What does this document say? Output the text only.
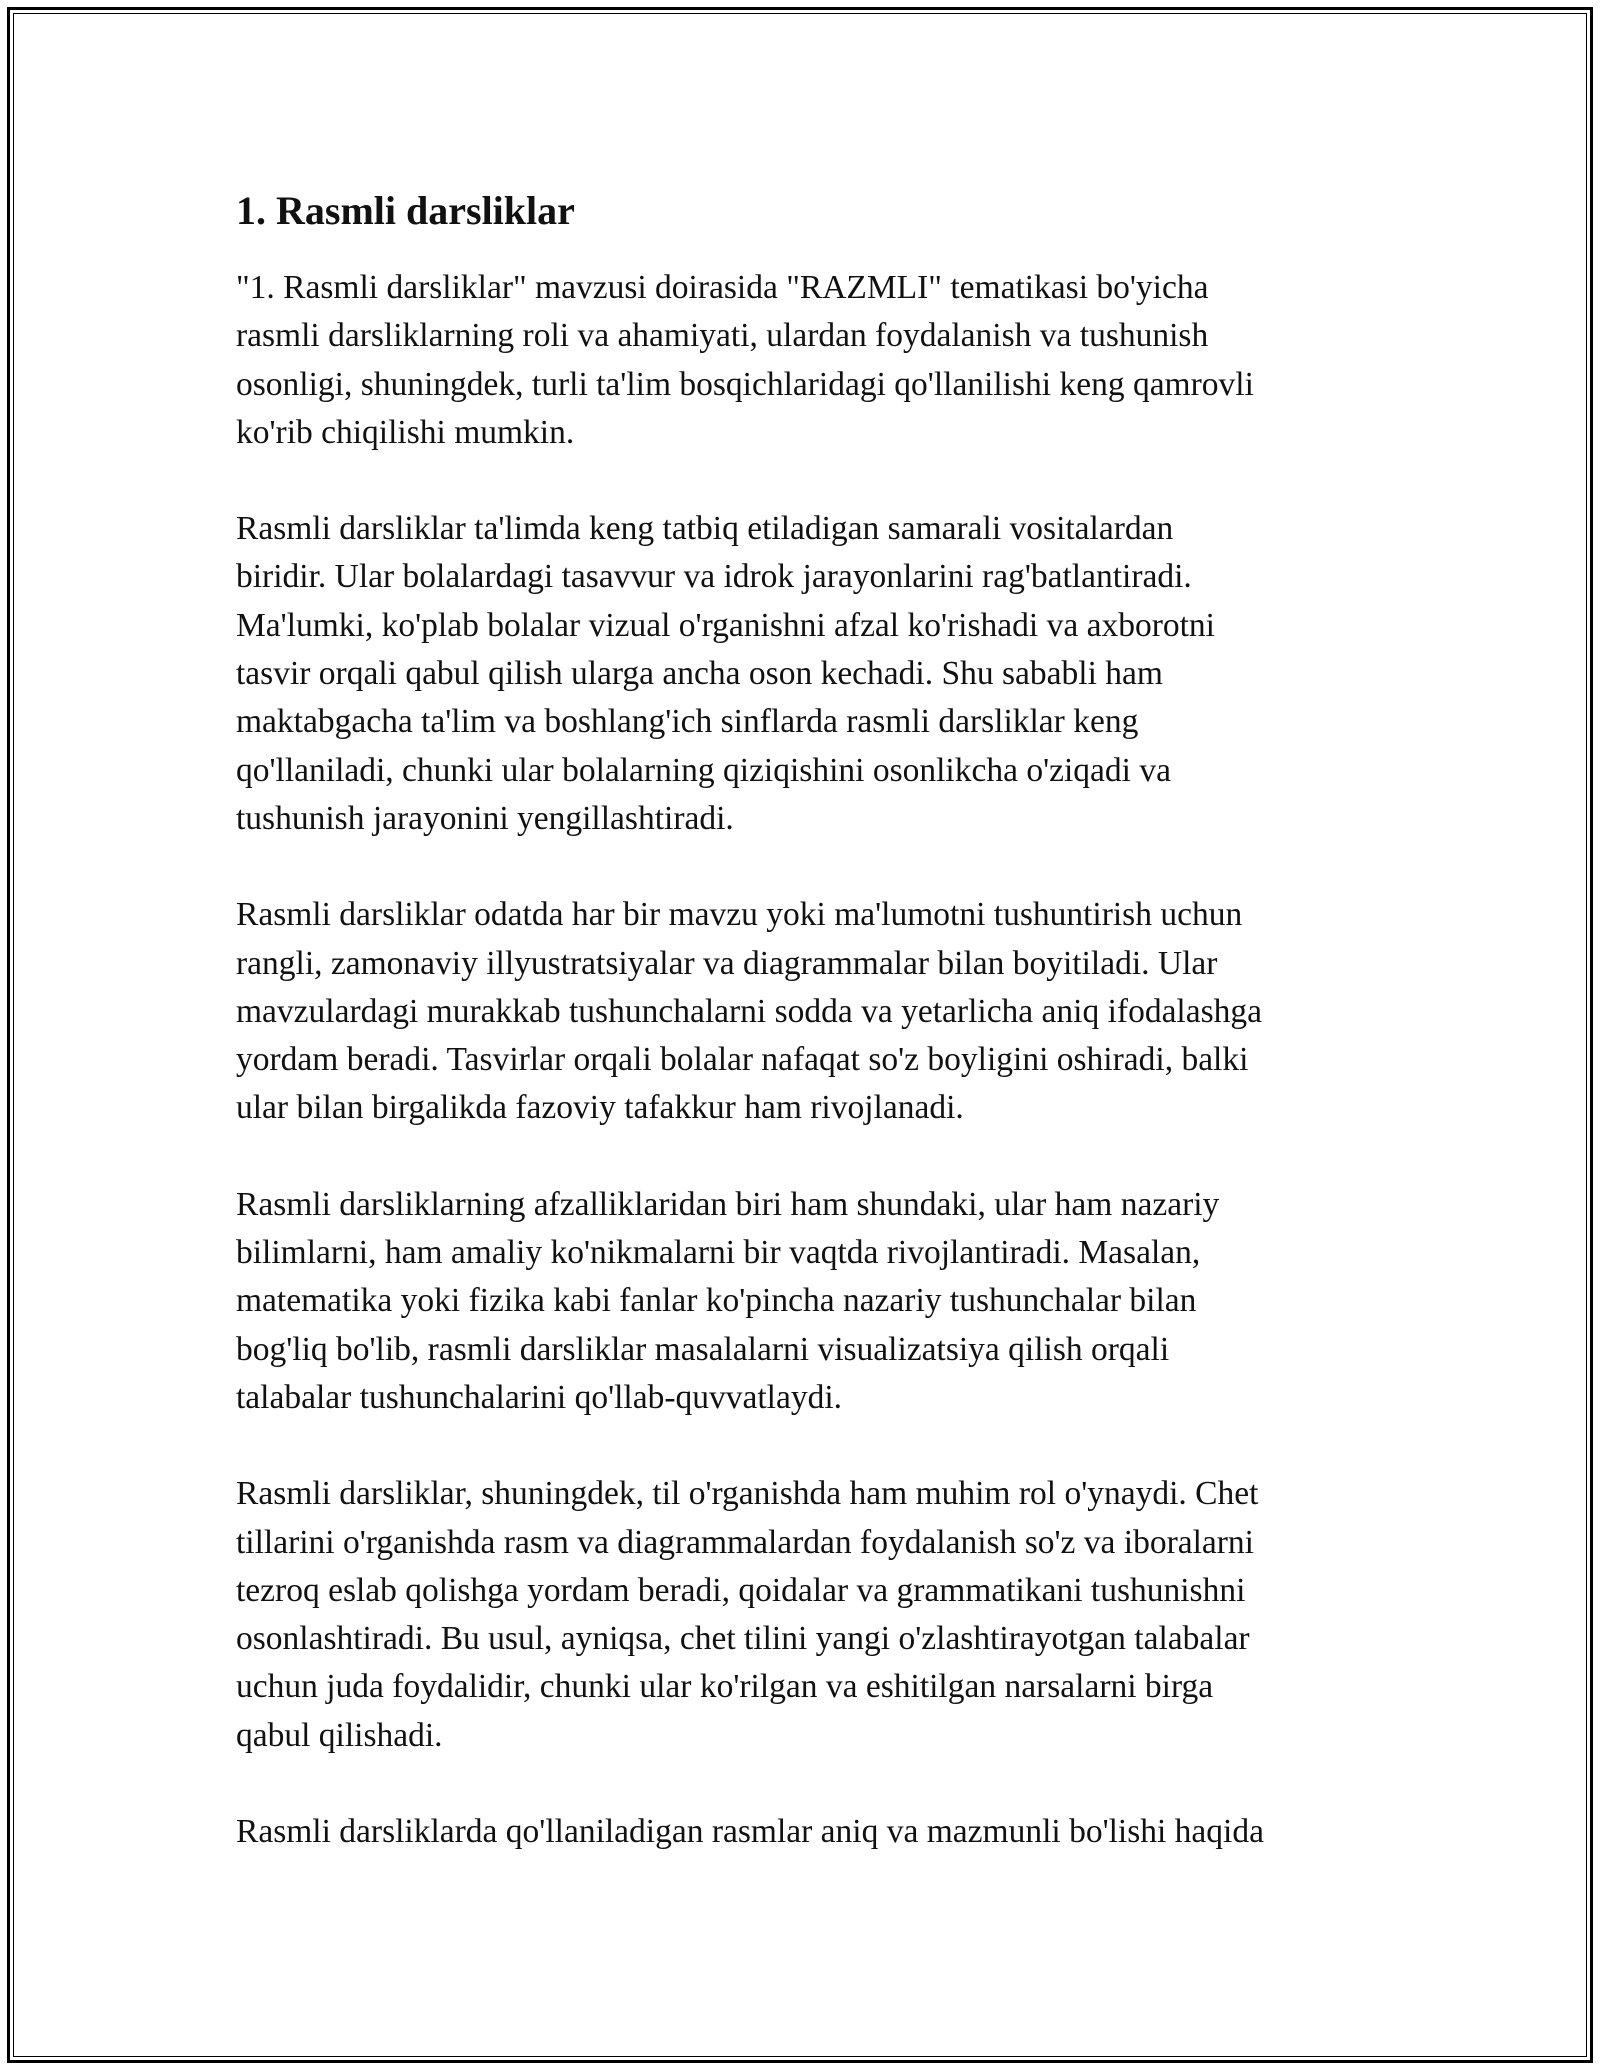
1. Rasmli darsliklar
"1. Rasmli darsliklar" mavzusi doirasida "RAZMLI" tematikasi bo'yicha
rasmli darsliklarning roli va ahamiyati, ulardan foydalanish va tushunish
osonligi, shuningdek, turli ta'lim bosqichlaridagi qo'llanilishi keng qamrovli
ko'rib chiqilishi mumkin.
Rasmli darsliklar ta'limda keng tatbiq etiladigan samarali vositalardan
biridir. Ular bolalardagi tasavvur va idrok jarayonlarini rag'batlantiradi.
Ma'lumki, ko'plab bolalar vizual o'rganishni afzal ko'rishadi va axborotni
tasvir orqali qabul qilish ularga ancha oson kechadi. Shu sababli ham
maktabgacha ta'lim va boshlang'ich sinflarda rasmli darsliklar keng
qo'llaniladi, chunki ular bolalarning qiziqishini osonlikcha o'ziqadi va
tushunish jarayonini yengillashtiradi.
Rasmli darsliklar odatda har bir mavzu yoki ma'lumotni tushuntirish uchun
rangli, zamonaviy illyustratsiyalar va diagrammalar bilan boyitiladi. Ular
mavzulardagi murakkab tushunchalarni sodda va yetarlicha aniq ifodalashga
yordam beradi. Tasvirlar orqali bolalar nafaqat so'z boyligini oshiradi, balki
ular bilan birgalikda fazoviy tafakkur ham rivojlanadi.
Rasmli darsliklarning afzalliklaridan biri ham shundaki, ular ham nazariy
bilimlarni, ham amaliy ko'nikmalarni bir vaqtda rivojlantiradi. Masalan,
matematika yoki fizika kabi fanlar ko'pincha nazariy tushunchalar bilan
bog'liq bo'lib, rasmli darsliklar masalalarni visualizatsiya qilish orqali
talabalar tushunchalarini qo'llab-quvvatlaydi.
Rasmli darsliklar, shuningdek, til o'rganishda ham muhim rol o'ynaydi. Chet
tillarini o'rganishda rasm va diagrammalardan foydalanish so'z va iboralarni
tezroq eslab qolishga yordam beradi, qoidalar va grammatikani tushunishni
osonlashtiradi. Bu usul, ayniqsa, chet tilini yangi o'zlashtirayotgan talabalar
uchun juda foydalidir, chunki ular ko'rilgan va eshitilgan narsalarni birga
qabul qilishadi.
Rasmli darsliklarda qo'llaniladigan rasmlar aniq va mazmunli bo'lishi haqida
